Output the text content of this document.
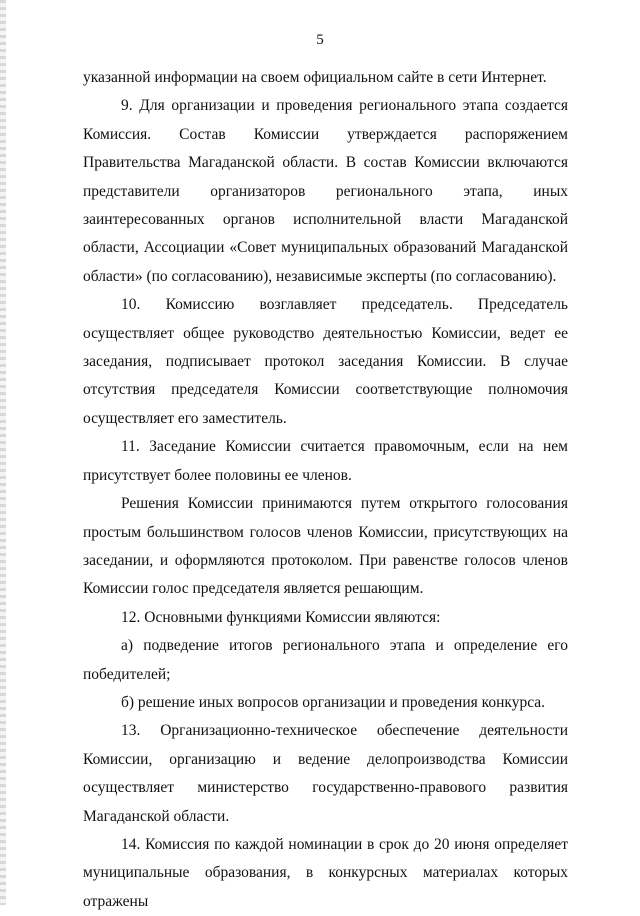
5

указанной информации на своем официальном сайте в сети Интернет.

9. Для организации и проведения регионального этапа создается Комиссия. Состав Комиссии утверждается распоряжением Правительства Магаданской области. В состав Комиссии включаются представители организаторов регионального этапа, иных заинтересованных органов исполнительной власти Магаданской области, Ассоциации «Совет муниципальных образований Магаданской области» (по согласованию), независимые эксперты (по согласованию).

10. Комиссию возглавляет председатель. Председатель осуществляет общее руководство деятельностью Комиссии, ведет ее заседания, подписывает протокол заседания Комиссии. В случае отсутствия председателя Комиссии соответствующие полномочия осуществляет его заместитель.

11. Заседание Комиссии считается правомочным, если на нем присутствует более половины ее членов.

Решения Комиссии принимаются путем открытого голосования простым большинством голосов членов Комиссии, присутствующих на заседании, и оформляются протоколом. При равенстве голосов членов Комиссии голос председателя является решающим.

12. Основными функциями Комиссии являются:

а) подведение итогов регионального этапа и определение его победителей;

б) решение иных вопросов организации и проведения конкурса.

13. Организационно-техническое обеспечение деятельности Комиссии, организацию и ведение делопроизводства Комиссии осуществляет министерство государственно-правового развития Магаданской области.

14. Комиссия по каждой номинации в срок до 20 июня определяет муниципальные образования, в конкурсных материалах которых отражены
